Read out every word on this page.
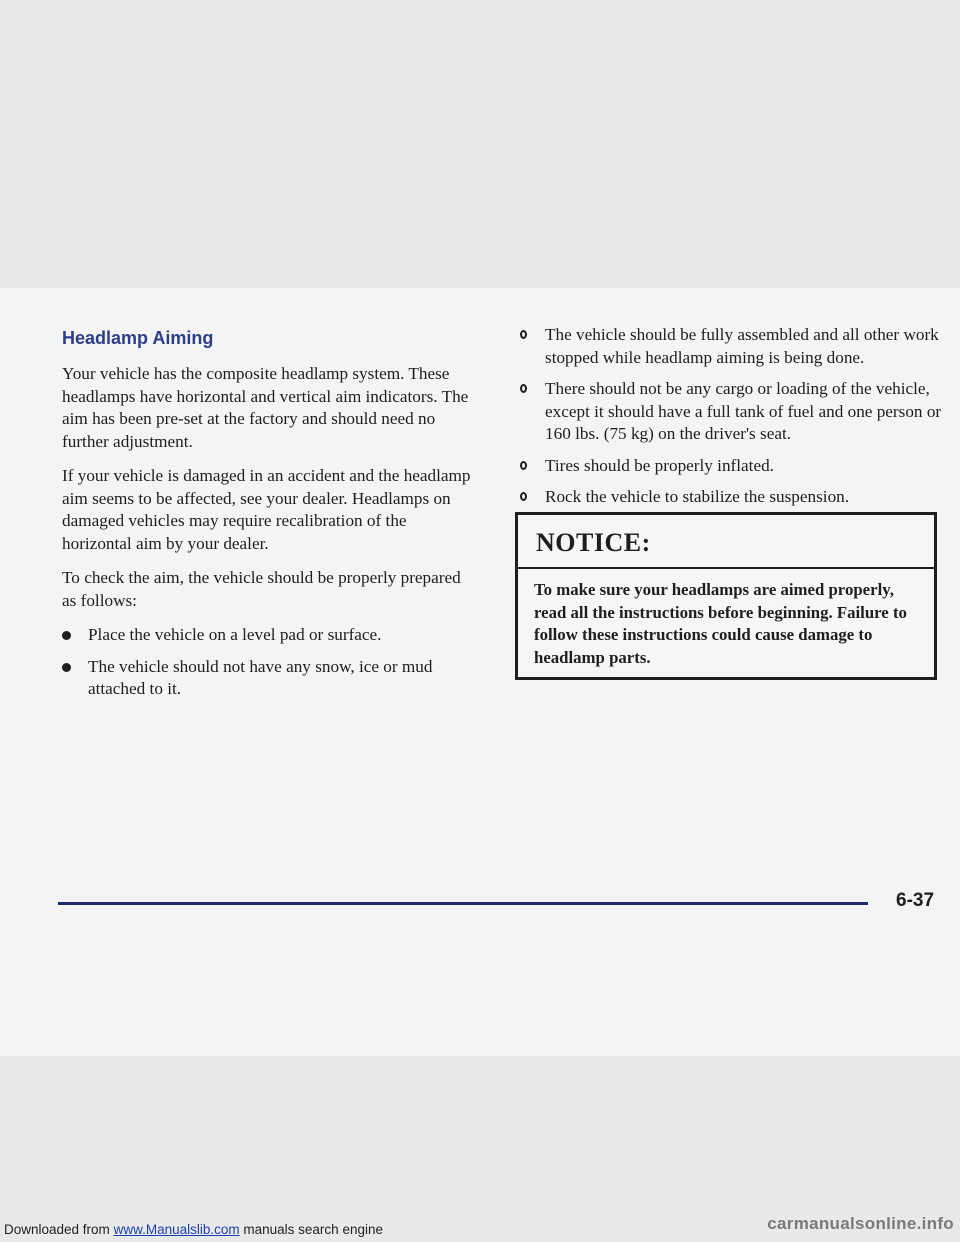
Headlamp Aiming

Your vehicle has the composite headlamp system. These headlamps have horizontal and vertical aim indicators. The aim has been pre-set at the factory and should need no further adjustment.

If your vehicle is damaged in an accident and the headlamp aim seems to be affected, see your dealer. Headlamps on damaged vehicles may require recalibration of the horizontal aim by your dealer.

To check the aim, the vehicle should be properly prepared as follows:

Place the vehicle on a level pad or surface.
The vehicle should not have any snow, ice or mud attached to it.
The vehicle should be fully assembled and all other work stopped while headlamp aiming is being done.
There should not be any cargo or loading of the vehicle, except it should have a full tank of fuel and one person or 160 lbs. (75 kg) on the driver's seat.
Tires should be properly inflated.
Rock the vehicle to stabilize the suspension.
NOTICE:
To make sure your headlamps are aimed properly, read all the instructions before beginning. Failure to follow these instructions could cause damage to headlamp parts.
6-37
Downloaded from www.Manualslib.com manuals search engine	carmanualsonline.info
